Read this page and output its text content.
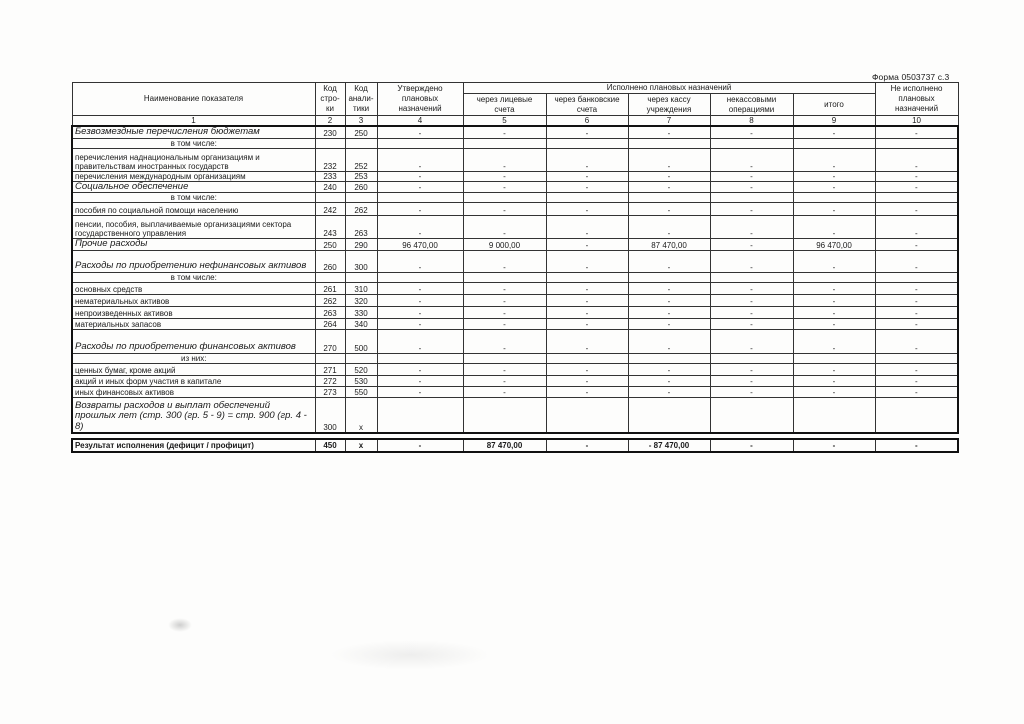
Форма 0503737 с.3
Наименование показателя	Код стро-ки	Код анали-тики	Утверждено плановых назначений	Исполнено плановых назначений					Не исполнено плановых назначений
				через лицевые счета	через банковские счета	через кассу учреждения	некассовыми операциями	итого	
1	2	3	4	5	6	7	8	9	10
Безвозмездные перечисления бюджетам	230	250	-	-	-	-	-	-	-
в том числе:									
перечисления наднациональным организациям и правительствам иностранных государств	232	252	-	-	-	-	-	-	-
перечисления международным организациям	233	253	-	-	-	-	-	-	-
Социальное обеспечение	240	260	-	-	-	-	-	-	-
в том числе:									
пособия по социальной помощи населению	242	262	-	-	-	-	-	-	-
пенсии, пособия, выплачиваемые организациями сектора государственного управления	243	263	-	-	-	-	-	-	-
Прочие расходы	250	290	96 470,00	9 000,00	-	87 470,00	-	96 470,00	-
Расходы по приобретению нефинансовых активов	260	300	-	-	-	-	-	-	-
в том числе:									
основных средств	261	310	-	-	-	-	-	-	-
нематериальных активов	262	320	-	-	-	-	-	-	-
непроизведенных активов	263	330	-	-	-	-	-	-	-
материальных запасов	264	340	-	-	-	-	-	-	-
Расходы по приобретению финансовых активов	270	500	-	-	-	-	-	-	-
из них:									
ценных бумаг, кроме акций	271	520	-	-	-	-	-	-	-
акций и иных форм участия в капитале	272	530	-	-	-	-	-	-	-
иных финансовых активов	273	550	-	-	-	-	-	-	-
Возвраты расходов и выплат обеспечений прошлых лет (стр. 300 (гр. 5 - 9) = стр. 900 (гр. 4 - 8)	300	x							

Результат исполнения (дефицит / профицит)	450	x	-	87 470,00	-	- 87 470,00	-	-	-
